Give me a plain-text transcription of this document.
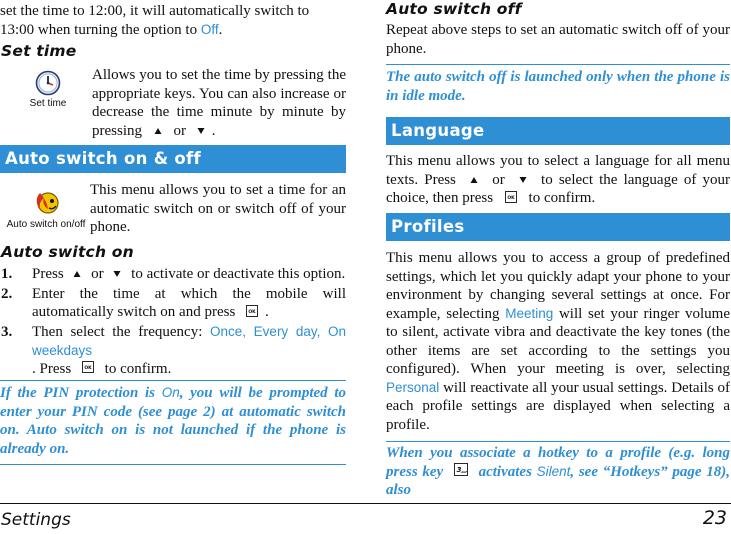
set the time to 12:00, it will automatically switch to
13:00 when turning the option to Off.

Set time
Set time

Allows you to set the time by pressing the appropriate keys. You can also increase or decrease the time minute by minute by pressing or .

Auto switch on & off
Auto switch on/off

This menu allows you to set a time for an automatic switch on or switch off of your phone.

Auto switch on
1. Press or to activate or deactivate this option.
2. Enter the time at which the mobile will automatically switch on and press	OK .
3. Then select the frequency: Once, Every day, On weekdays
. Press	OK to confirm.

If the PIN protection is On, you will be prompted to enter your PIN code (see page 2) at automatic switch on. Auto switch on is not launched if the phone is already on.

Auto switch off

Repeat above steps to set an automatic switch off of your phone.

The auto switch off is launched only when the phone is in idle mode.

Language

This menu allows you to select a language for all menu texts. Press or to select the language of your choice, then press	OK to confirm.

Profiles

This menu allows you to access a group of predefined settings, which let you quickly adapt your phone to your environment by changing several settings at once. For example, selecting Meeting will set your ringer volume to silent, activate vibra and deactivate the key tones (the other items are set according to the settings you configured). When your meeting is over, selecting Personal will reactivate all your usual settings. Details of each profile settings are displayed when selecting a profile.

When you associate a hotkey to a profile (e.g. long press key 3 def activates Silent, see “Hotkeys” page 18), also

Settings	23
